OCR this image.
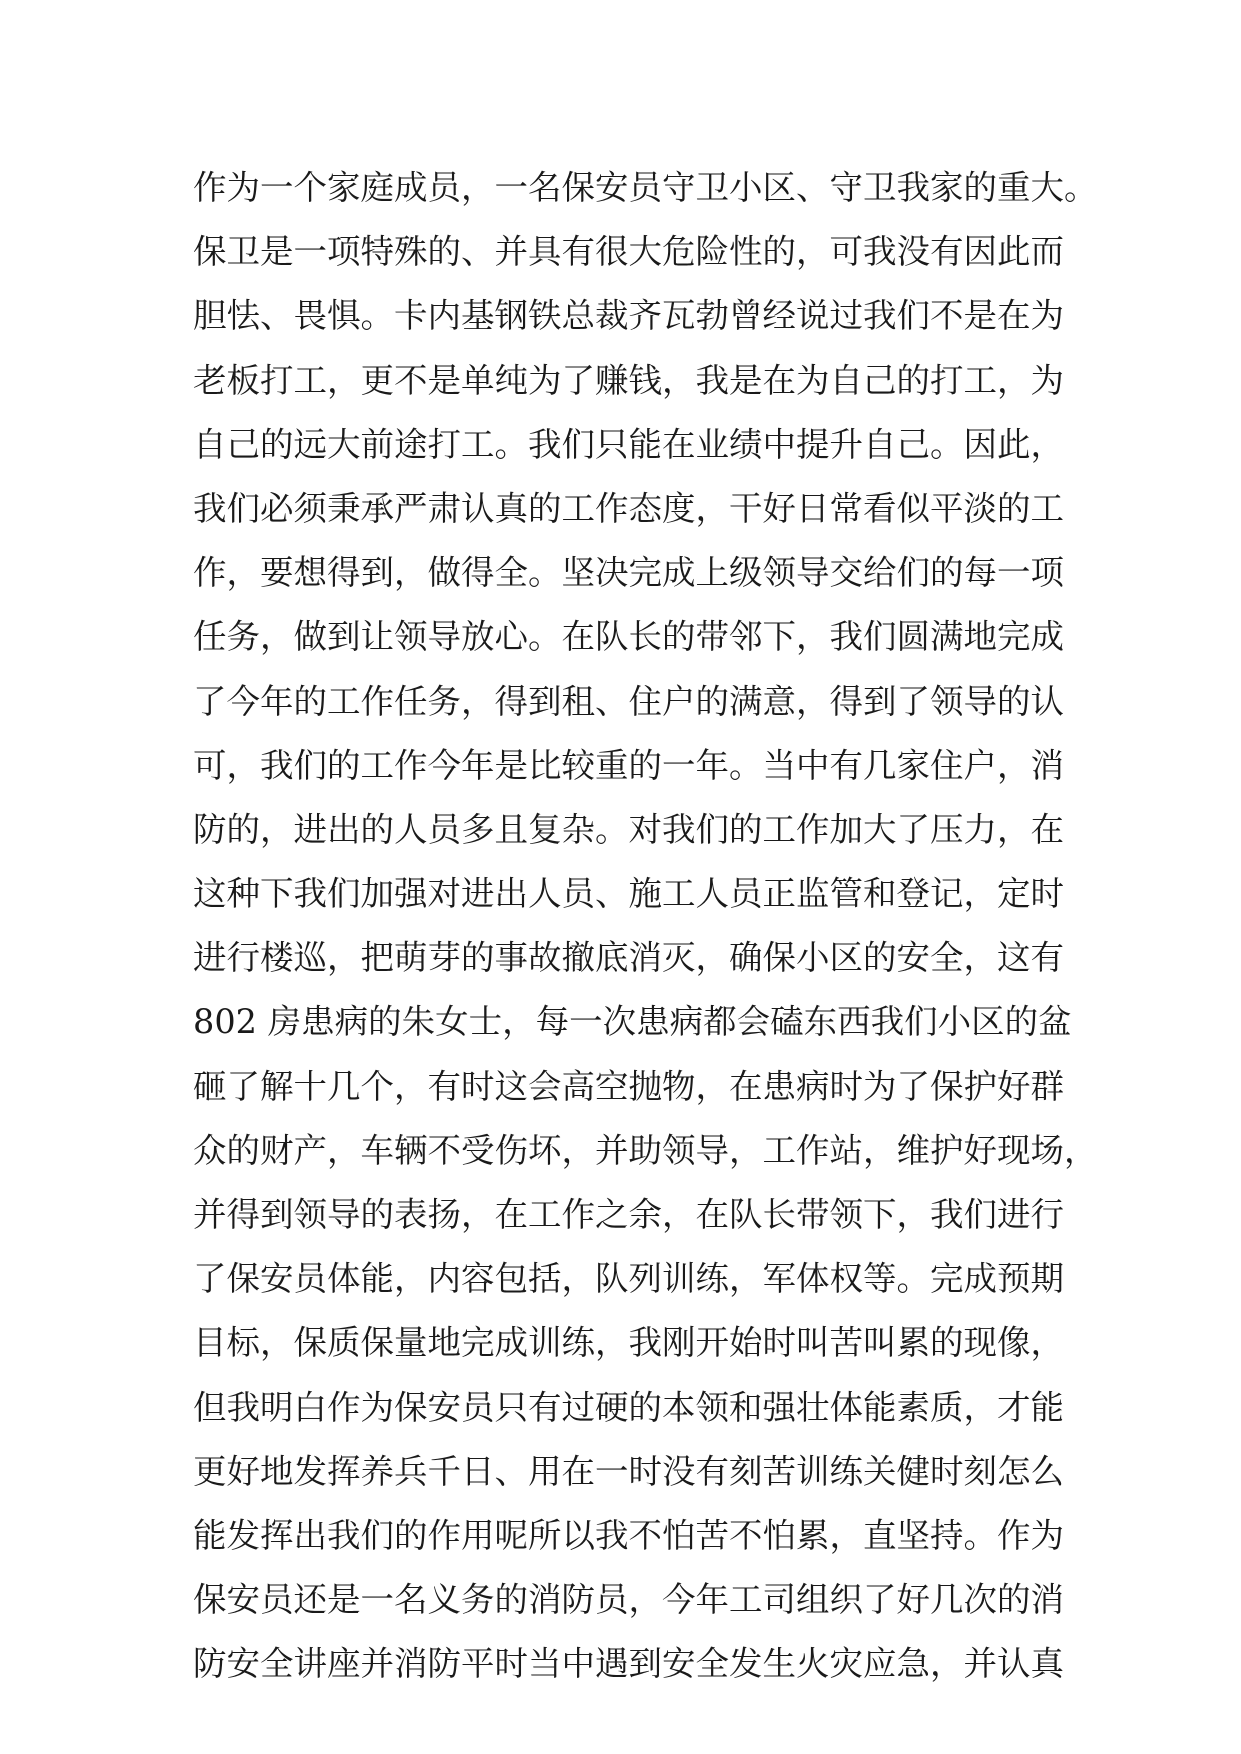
作为一个家庭成员，一名保安员守卫小区、守卫我家的重大。
保卫是一项特殊的、并具有很大危险性的，可我没有因此而
胆怯、畏惧。卡内基钢铁总裁齐瓦勃曾经说过我们不是在为
老板打工，更不是单纯为了赚钱，我是在为自己的打工，为
自己的远大前途打工。我们只能在业绩中提升自己。因此，
我们必须秉承严肃认真的工作态度，干好日常看似平淡的工
作，要想得到，做得全。坚决完成上级领导交给们的每一项
任务，做到让领导放心。在队长的带邻下，我们圆满地完成
了今年的工作任务，得到租、住户的满意，得到了领导的认
可，我们的工作今年是比较重的一年。当中有几家住户，消
防的，进出的人员多且复杂。对我们的工作加大了压力，在
这种下我们加强对进出人员、施工人员正监管和登记，定时
进行楼巡，把萌芽的事故撤底消灭，确保小区的安全，这有
802 房患病的朱女士，每一次患病都会磕东西我们小区的盆
砸了解十几个，有时这会高空抛物，在患病时为了保护好群
众的财产，车辆不受伤坏，并助领导，工作站，维护好现场，
并得到领导的表扬，在工作之余，在队长带领下，我们进行
了保安员体能，内容包括，队列训练，军体权等。完成预期
目标，保质保量地完成训练，我刚开始时叫苦叫累的现像，
但我明白作为保安员只有过硬的本领和强壮体能素质，才能
更好地发挥养兵千日、用在一时没有刻苦训练关健时刻怎么
能发挥出我们的作用呢所以我不怕苦不怕累，直坚持。作为
保安员还是一名义务的消防员，今年工司组织了好几次的消
防安全讲座并消防平时当中遇到安全发生火灾应急，并认真
